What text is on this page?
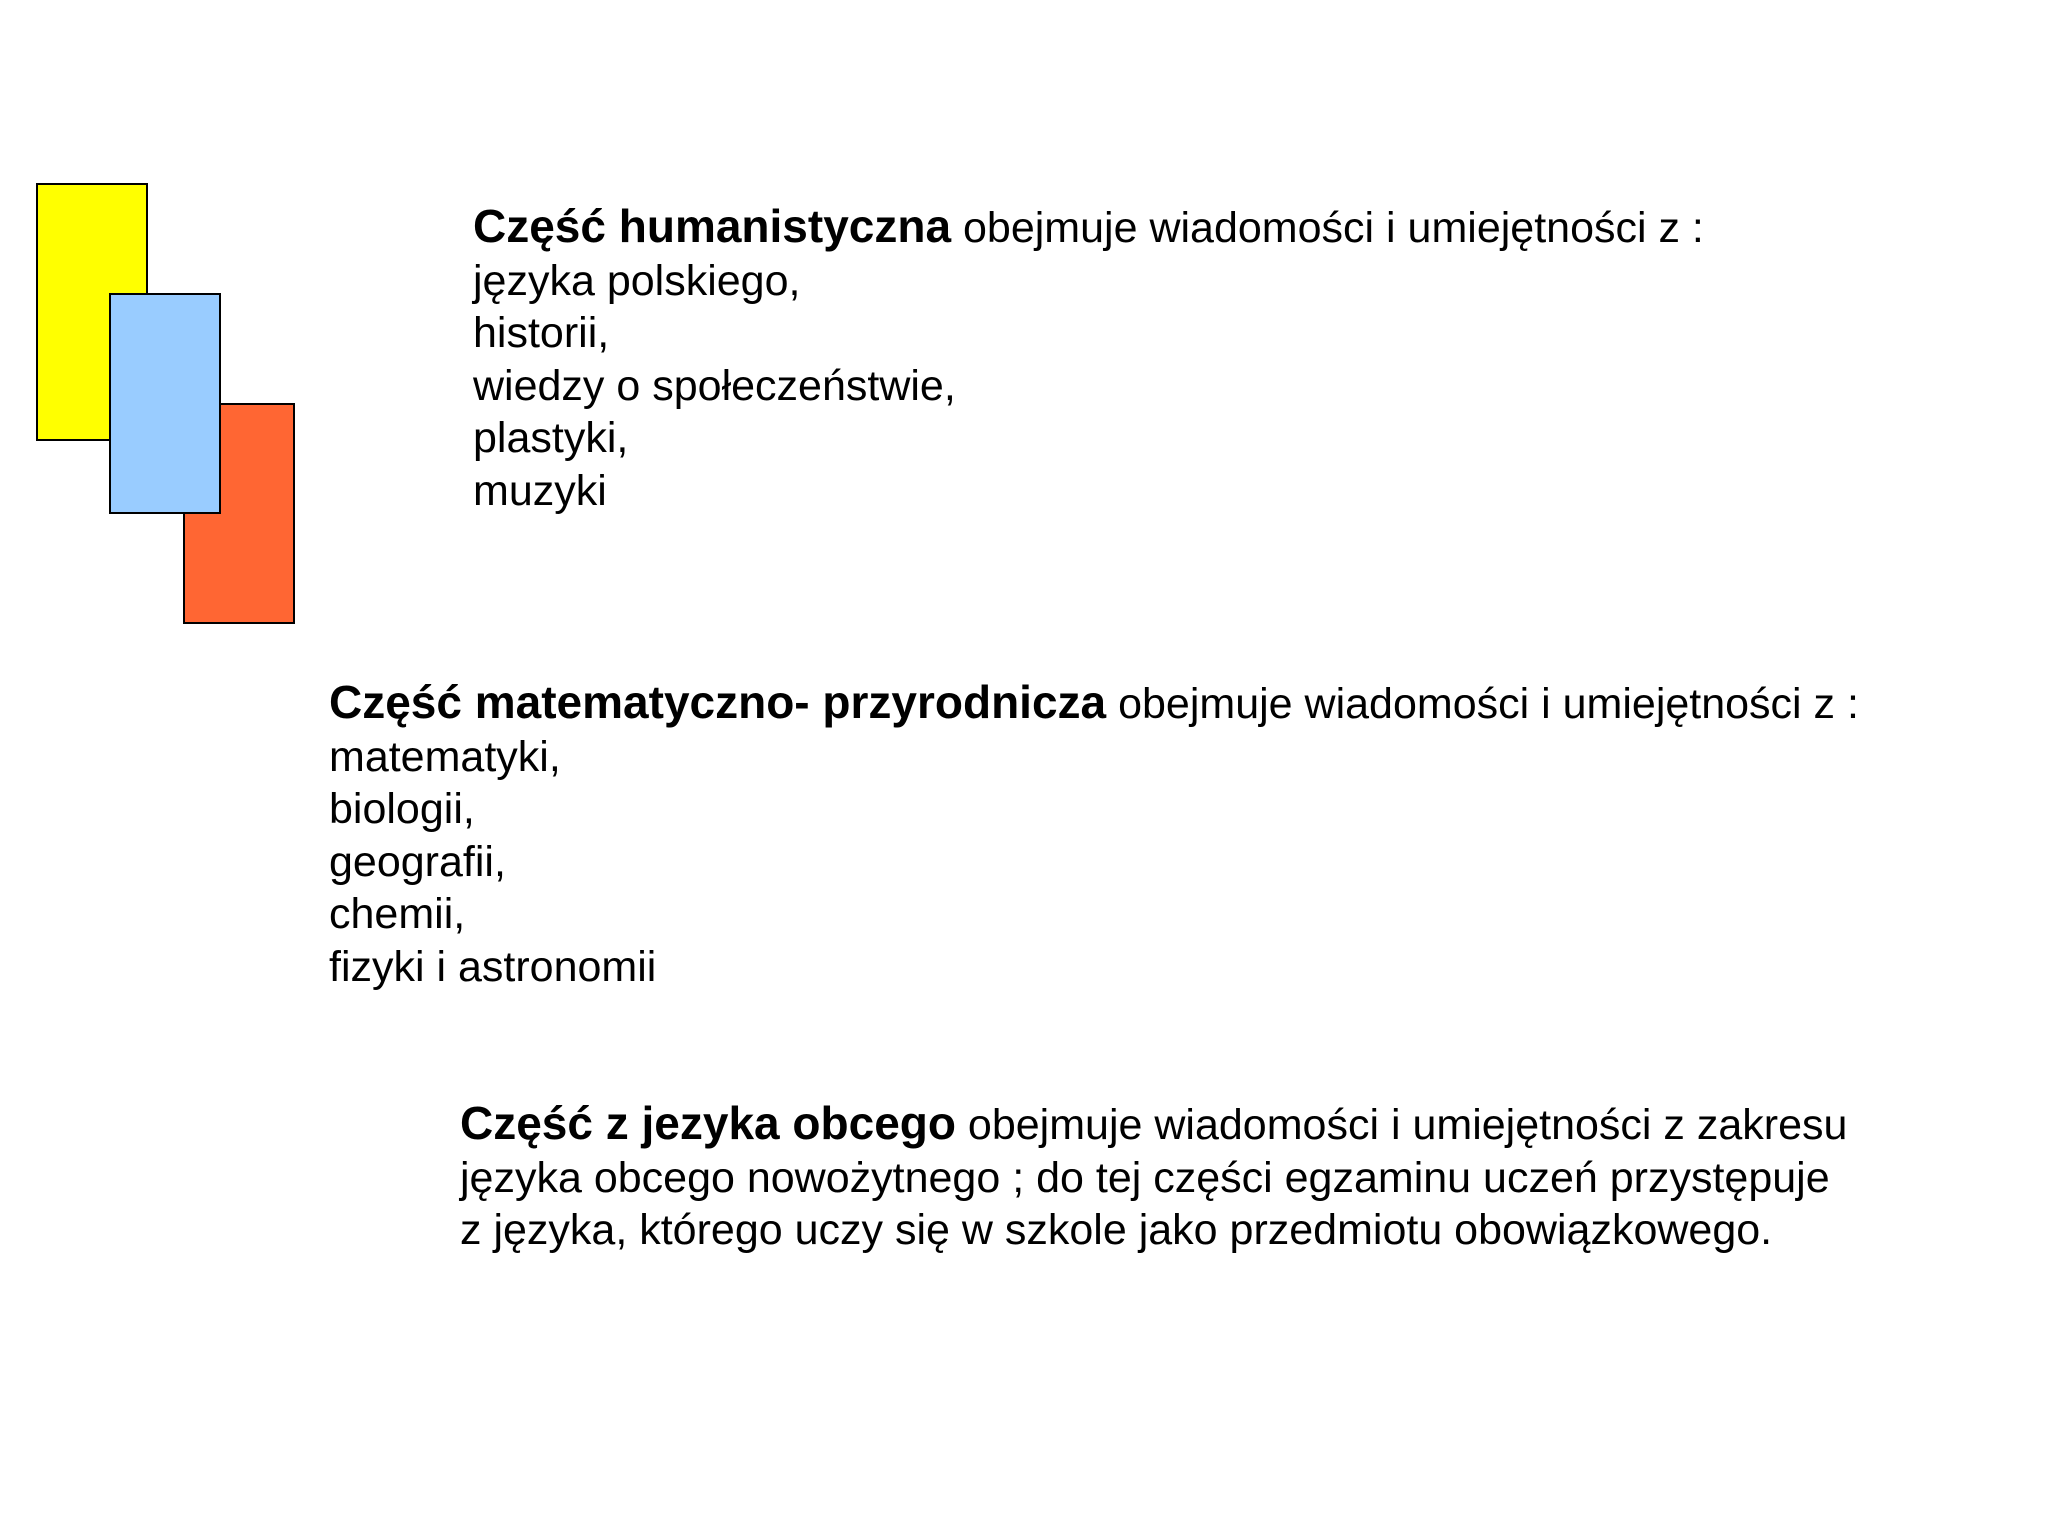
Część humanistyczna obejmuje wiadomości i umiejętności z :
języka polskiego,
historii,
wiedzy o społeczeństwie,
plastyki,
muzyki
Część matematyczno- przyrodnicza obejmuje wiadomości i umiejętności z :
matematyki,
biologii,
geografii,
chemii,
fizyki i astronomii
Część z jezyka obcego obejmuje wiadomości i umiejętności z zakresu
języka obcego nowożytnego ; do tej części egzaminu uczeń przystępuje
z języka, którego uczy się w szkole jako przedmiotu obowiązkowego.
